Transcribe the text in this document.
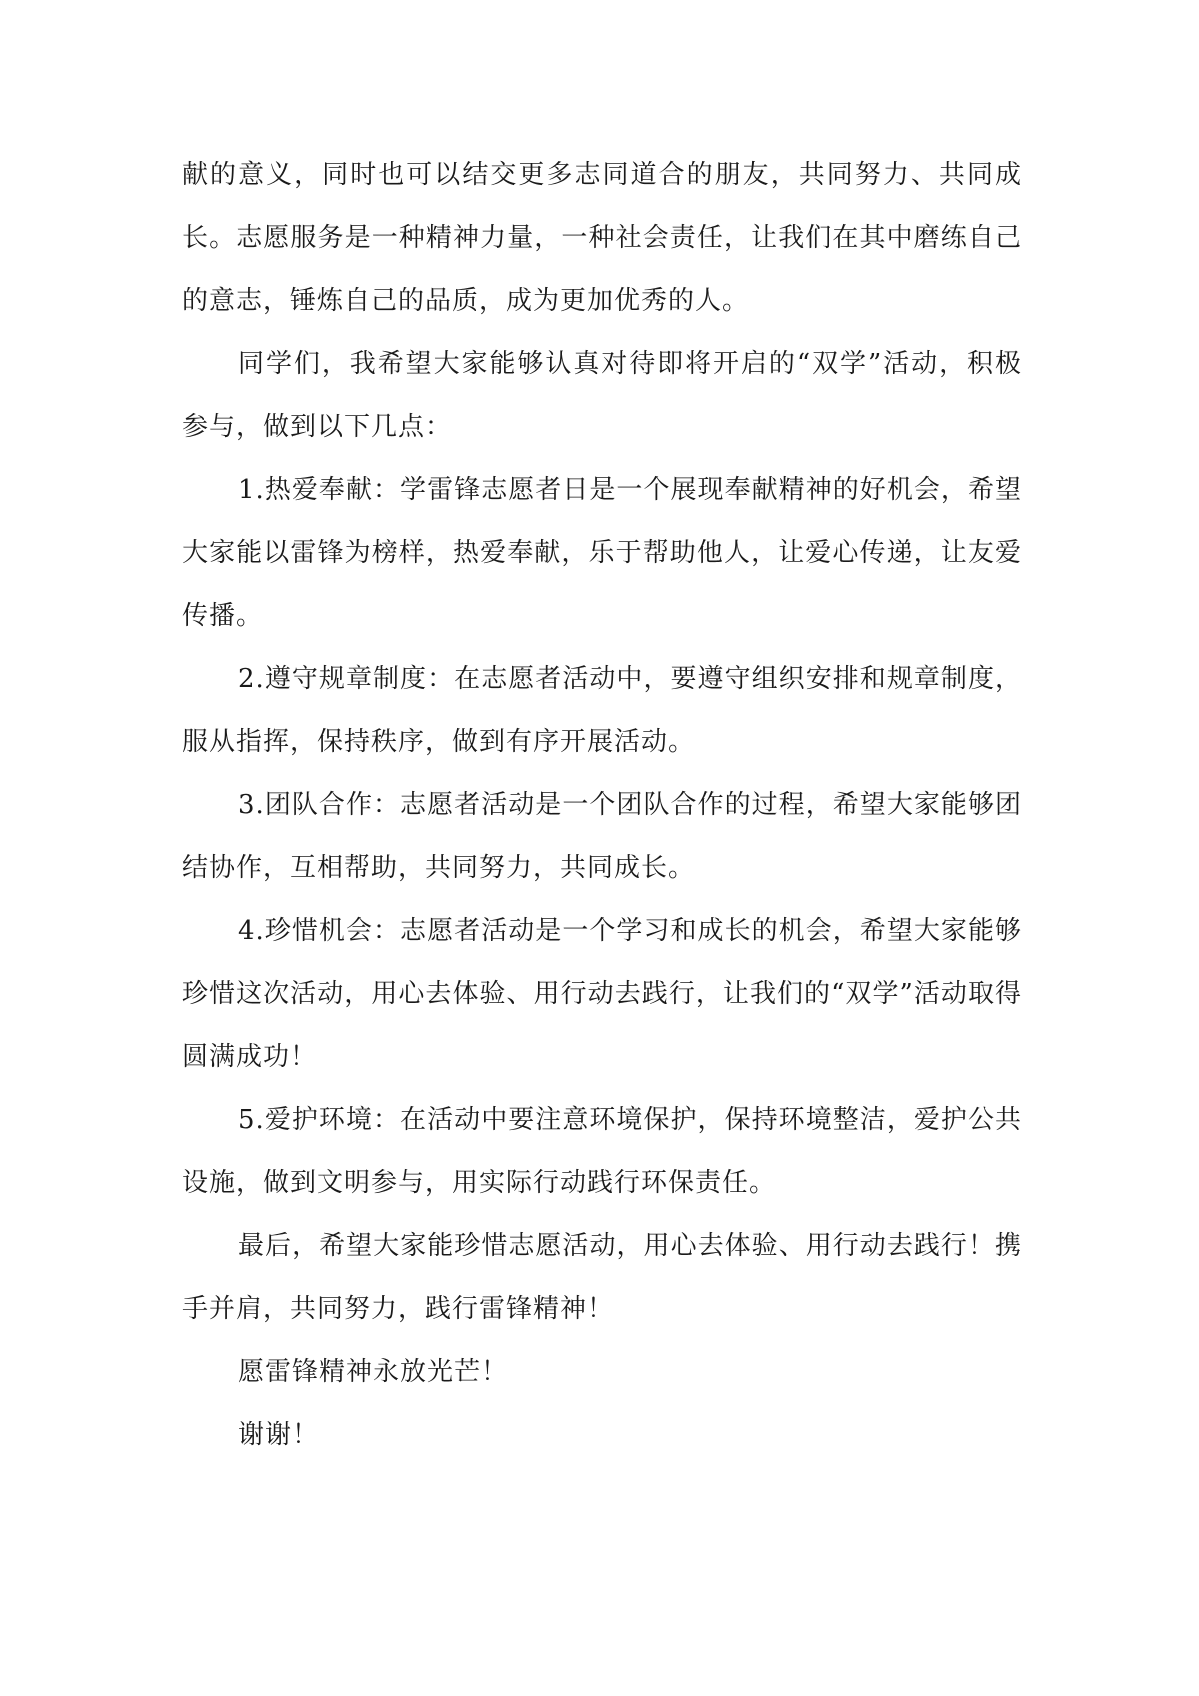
献的意义，同时也可以结交更多志同道合的朋友，共同努力、共同成长。志愿服务是一种精神力量，一种社会责任，让我们在其中磨练自己的意志，锤炼自己的品质，成为更加优秀的人。

同学们，我希望大家能够认真对待即将开启的“双学”活动，积极参与，做到以下几点：

1.热爱奉献：学雷锋志愿者日是一个展现奉献精神的好机会，希望大家能以雷锋为榜样，热爱奉献，乐于帮助他人，让爱心传递，让友爱传播。

2.遵守规章制度：在志愿者活动中，要遵守组织安排和规章制度，服从指挥，保持秩序，做到有序开展活动。

3.团队合作：志愿者活动是一个团队合作的过程，希望大家能够团结协作，互相帮助，共同努力，共同成长。

4.珍惜机会：志愿者活动是一个学习和成长的机会，希望大家能够珍惜这次活动，用心去体验、用行动去践行，让我们的“双学”活动取得圆满成功！

5.爱护环境：在活动中要注意环境保护，保持环境整洁，爱护公共设施，做到文明参与，用实际行动践行环保责任。

最后，希望大家能珍惜志愿活动，用心去体验、用行动去践行！携手并肩，共同努力，践行雷锋精神！

愿雷锋精神永放光芒！

谢谢！
